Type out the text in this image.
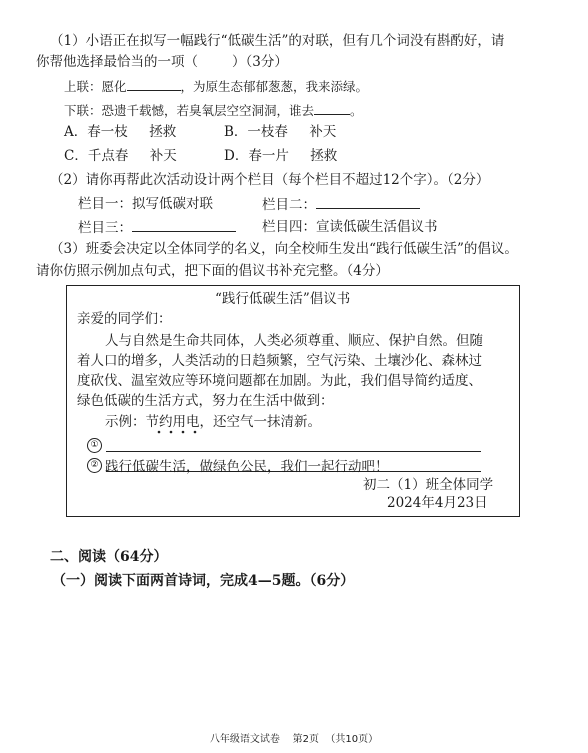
（1）小语正在拟写一幅践行“低碳生活”的对联，但有几个词没有斟酌好，请
你帮他选择最恰当的一项（	）（3分）
上联：愿化	，为原生态郁郁葱葱，我来添绿。
下联：恐遗千载憾，若臭氧层空空洞洞，谁去	。
A．春一枝     拯救	B．一枝春     补天
C．千点春     补天	D．春一片     拯救
（2）请你再帮此次活动设计两个栏目（每个栏目不超过12个字）。（2分）
栏目一：拟写低碳对联	栏目二：
栏目三：	栏目四：宣读低碳生活倡议书
（3）班委会决定以全体同学的名义，向全校师生发出“践行低碳生活”的倡议。
请你仿照示例加点句式，把下面的倡议书补充完整。（4分）
“践行低碳生活”倡议书
亲爱的同学们：
人与自然是生命共同体，人类必须尊重、顺应、保护自然。但随
着人口的增多，人类活动的日趋频繁，空气污染、土壤沙化、森林过
度砍伐、温室效应等环境问题都在加剧。为此，我们倡导简约适度、
绿色低碳的生活方式，努力在生活中做到：
示例：节约用电，还空气一抹清新。
①
② 践行低碳生活，做绿色公民，我们一起行动吧！
初二（1）班全体同学
2024年4月23日
二、阅读（64分）
（一）阅读下面两首诗词，完成4—5题。（6分）
八年级语文试卷    第2页  （共10页）
